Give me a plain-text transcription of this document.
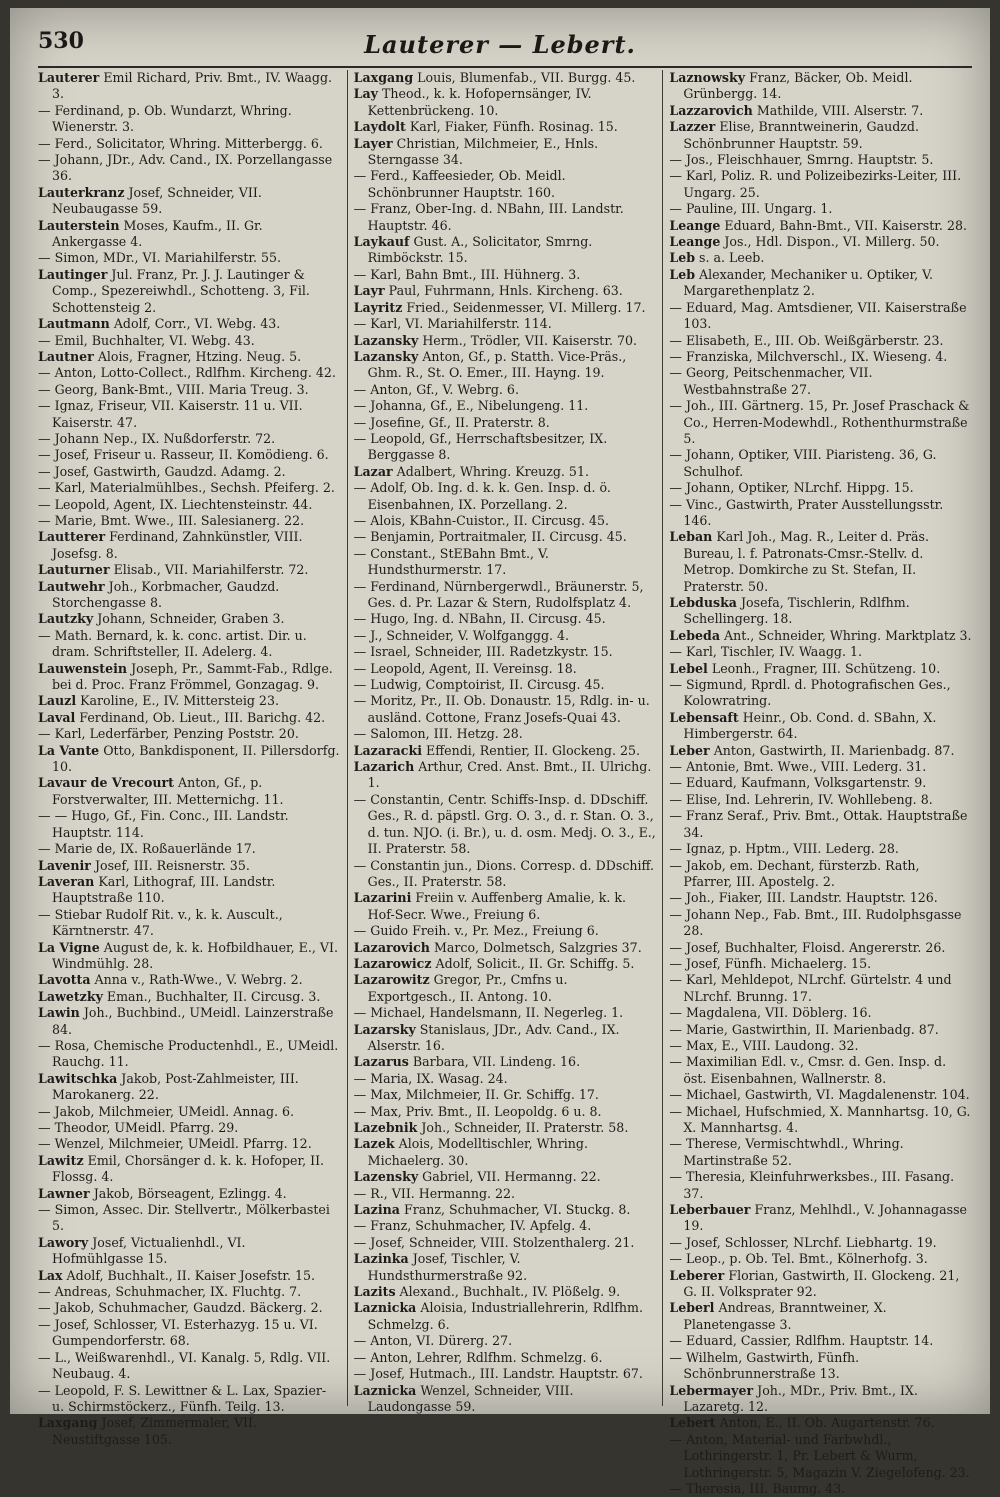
530	Lauterer — Lebert.

Lauterer Emil Richard, Priv. Bmt., IV. Waagg. 3.

— Ferdinand, p. Ob. Wundarzt, Whring. Wienerstr. 3.

— Ferd., Solicitator, Whring. Mitterbergg. 6.

— Johann, JDr., Adv. Cand., IX. Porzellangasse 36.

Lauterkranz Josef, Schneider, VII. Neubaugasse 59.

Lauterstein Moses, Kaufm., II. Gr. Ankergasse 4.

— Simon, MDr., VI. Mariahilferstr. 55.

Lautinger Jul. Franz, Pr. J. J. Lautinger & Comp., Spezereiwhdl., Schotteng. 3, Fil. Schottensteig 2.

Lautmann Adolf, Corr., VI. Webg. 43.

— Emil, Buchhalter, VI. Webg. 43.

Lautner Alois, Fragner, Htzing. Neug. 5.

— Anton, Lotto-Collect., Rdlfhm. Kircheng. 42.

— Georg, Bank-Bmt., VIII. Maria Treug. 3.

— Ignaz, Friseur, VII. Kaiserstr. 11 u. VII. Kaiserstr. 47.

— Johann Nep., IX. Nußdorferstr. 72.

— Josef, Friseur u. Rasseur, II. Komödieng. 6.

— Josef, Gastwirth, Gaudzd. Adamg. 2.

— Karl, Materialmühlbes., Sechsh. Pfeiferg. 2.

— Leopold, Agent, IX. Liechtensteinstr. 44.

— Marie, Bmt. Wwe., III. Salesianerg. 22.

Lautterer Ferdinand, Zahnkünstler, VIII. Josefsg. 8.

Lauturner Elisab., VII. Mariahilferstr. 72.

Lautwehr Joh., Korbmacher, Gaudzd. Storchengasse 8.

Lautzky Johann, Schneider, Graben 3.

— Math. Bernard, k. k. conc. artist. Dir. u. dram. Schriftsteller, II. Adelerg. 4.

Lauwenstein Joseph, Pr., Sammt-Fab., Rdlge. bei d. Proc. Franz Frömmel, Gonzagag. 9.

Lauzl Karoline, E., IV. Mittersteig 23.

Laval Ferdinand, Ob. Lieut., III. Barichg. 42.

— Karl, Lederfärber, Penzing Poststr. 20.

La Vante Otto, Bankdisponent, II. Pillersdorfg. 10.

Lavaur de Vrecourt Anton, Gf., p. Forstverwalter, III. Metternichg. 11.

— — Hugo, Gf., Fin. Conc., III. Landstr. Hauptstr. 114.

— Marie de, IX. Roßauerlände 17.

Lavenir Josef, III. Reisnerstr. 35.

Laveran Karl, Lithograf, III. Landstr. Hauptstraße 110.

— Stiebar Rudolf Rit. v., k. k. Auscult., Kärntnerstr. 47.

La Vigne August de, k. k. Hofbildhauer, E., VI. Windmühlg. 28.

Lavotta Anna v., Rath-Wwe., V. Webrg. 2.

Lawetzky Eman., Buchhalter, II. Circusg. 3.

Lawin Joh., Buchbind., UMeidl. Lainzerstraße 84.

— Rosa, Chemische Productenhdl., E., UMeidl. Rauchg. 11.

Lawitschka Jakob, Post-Zahlmeister, III. Marokanerg. 22.

— Jakob, Milchmeier, UMeidl. Annag. 6.

— Theodor, UMeidl. Pfarrg. 29.

— Wenzel, Milchmeier, UMeidl. Pfarrg. 12.

Lawitz Emil, Chorsänger d. k. k. Hofoper, II. Flossg. 4.

Lawner Jakob, Börseagent, Ezlingg. 4.

— Simon, Assec. Dir. Stellvertr., Mölkerbastei 5.

Lawory Josef, Victualienhdl., VI. Hofmühlgasse 15.

Lax Adolf, Buchhalt., II. Kaiser Josefstr. 15.

— Andreas, Schuhmacher, IX. Fluchtg. 7.

— Jakob, Schuhmacher, Gaudzd. Bäckerg. 2.

— Josef, Schlosser, VI. Esterhazyg. 15 u. VI. Gumpendorferstr. 68.

— L., Weißwarenhdl., VI. Kanalg. 5, Rdlg. VII. Neubaug. 4.

— Leopold, F. S. Lewittner & L. Lax, Spazier- u. Schirmstöckerz., Fünfh. Teilg. 13.

Laxgang Josef, Zimmermaler, VII. Neustiftgasse 105.

Laxgang Louis, Blumenfab., VII. Burgg. 45.

Lay Theod., k. k. Hofopernsänger, IV. Kettenbrückeng. 10.

Laydolt Karl, Fiaker, Fünfh. Rosinag. 15.

Layer Christian, Milchmeier, E., Hnls. Sterngasse 34.

— Ferd., Kaffeesieder, Ob. Meidl. Schönbrunner Hauptstr. 160.

— Franz, Ober-Ing. d. NBahn, III. Landstr. Hauptstr. 46.

Laykauf Gust. A., Solicitator, Smrng. Rimböckstr. 15.

— Karl, Bahn Bmt., III. Hühnerg. 3.

Layr Paul, Fuhrmann, Hnls. Kircheng. 63.

Layritz Fried., Seidenmesser, VI. Millerg. 17.

— Karl, VI. Mariahilferstr. 114.

Lazansky Herm., Trödler, VII. Kaiserstr. 70.

Lazansky Anton, Gf., p. Statth. Vice-Präs., Ghm. R., St. O. Emer., III. Hayng. 19.

— Anton, Gf., V. Webrg. 6.

— Johanna, Gf., E., Nibelungeng. 11.

— Josefine, Gf., II. Praterstr. 8.

— Leopold, Gf., Herrschaftsbesitzer, IX. Berggasse 8.

Lazar Adalbert, Whring. Kreuzg. 51.

— Adolf, Ob. Ing. d. k. k. Gen. Insp. d. ö. Eisenbahnen, IX. Porzellang. 2.

— Alois, KBahn-Cuistor., II. Circusg. 45.

— Benjamin, Portraitmaler, II. Circusg. 45.

— Constant., StEBahn Bmt., V. Hundsthurmerstr. 17.

— Ferdinand, Nürnbergerwdl., Bräunerstr. 5, Ges. d. Pr. Lazar & Stern, Rudolfsplatz 4.

— Hugo, Ing. d. NBahn, II. Circusg. 45.

— J., Schneider, V. Wolfganggg. 4.

— Israel, Schneider, III. Radetzkystr. 15.

— Leopold, Agent, II. Vereinsg. 18.

— Ludwig, Comptoirist, II. Circusg. 45.

— Moritz, Pr., II. Ob. Donaustr. 15, Rdlg. in- u. ausländ. Cottone, Franz Josefs-Quai 43.

— Salomon, III. Hetzg. 28.

Lazaracki Effendi, Rentier, II. Glockeng. 25.

Lazarich Arthur, Cred. Anst. Bmt., II. Ulrichg. 1.

— Constantin, Centr. Schiffs-Insp. d. DDschiff. Ges., R. d. päpstl. Grg. O. 3., d. r. Stan. O. 3., d. tun. NJO. (i. Br.), u. d. osm. Medj. O. 3., E., II. Praterstr. 58.

— Constantin jun., Dions. Corresp. d. DDschiff. Ges., II. Praterstr. 58.

Lazarini Freiin v. Auffenberg Amalie, k. k. Hof-Secr. Wwe., Freiung 6.

— Guido Freih. v., Pr. Mez., Freiung 6.

Lazarovich Marco, Dolmetsch, Salzgries 37.

Lazarowicz Adolf, Solicit., II. Gr. Schiffg. 5.

Lazarowitz Gregor, Pr., Cmfns u. Exportgesch., II. Antong. 10.

— Michael, Handelsmann, II. Negerleg. 1.

Lazarsky Stanislaus, JDr., Adv. Cand., IX. Alserstr. 16.

Lazarus Barbara, VII. Lindeng. 16.

— Maria, IX. Wasag. 24.

— Max, Milchmeier, II. Gr. Schiffg. 17.

— Max, Priv. Bmt., II. Leopoldg. 6 u. 8.

Lazebnik Joh., Schneider, II. Praterstr. 58.

Lazek Alois, Modelltischler, Whring. Michaelerg. 30.

Lazensky Gabriel, VII. Hermanng. 22.

— R., VII. Hermanng. 22.

Lazina Franz, Schuhmacher, VI. Stuckg. 8.

— Franz, Schuhmacher, IV. Apfelg. 4.

— Josef, Schneider, VIII. Stolzenthalerg. 21.

Lazinka Josef, Tischler, V. Hundsthurmerstraße 92.

Lazits Alexand., Buchhalt., IV. Plößelg. 9.

Laznicka Aloisia, Industriallehrerin, Rdlfhm. Schmelzg. 6.

— Anton, VI. Dürerg. 27.

— Anton, Lehrer, Rdlfhm. Schmelzg. 6.

— Josef, Hutmach., III. Landstr. Hauptstr. 67.

Laznicka Wenzel, Schneider, VIII. Laudongasse 59.

Laznowsky Franz, Bäcker, Ob. Meidl. Grünbergg. 14.

Lazzarovich Mathilde, VIII. Alserstr. 7.

Lazzer Elise, Branntweinerin, Gaudzd. Schönbrunner Hauptstr. 59.

— Jos., Fleischhauer, Smrng. Hauptstr. 5.

— Karl, Poliz. R. und Polizeibezirks-Leiter, III. Ungarg. 25.

— Pauline, III. Ungarg. 1.

Leange Eduard, Bahn-Bmt., VII. Kaiserstr. 28.

Leange Jos., Hdl. Dispon., VI. Millerg. 50.

Leb s. a. Leeb.

Leb Alexander, Mechaniker u. Optiker, V. Margarethenplatz 2.

— Eduard, Mag. Amtsdiener, VII. Kaiserstraße 103.

— Elisabeth, E., III. Ob. Weißgärberstr. 23.

— Franziska, Milchverschl., IX. Wieseng. 4.

— Georg, Peitschenmacher, VII. Westbahnstraße 27.

— Joh., III. Gärtnerg. 15, Pr. Josef Praschack & Co., Herren-Modewhdl., Rothenthurmstraße 5.

— Johann, Optiker, VIII. Piaristeng. 36, G. Schulhof.

— Johann, Optiker, NLrchf. Hippg. 15.

— Vinc., Gastwirth, Prater Ausstellungsstr. 146.

Leban Karl Joh., Mag. R., Leiter d. Präs. Bureau, l. f. Patronats-Cmsr.-Stellv. d. Metrop. Domkirche zu St. Stefan, II. Praterstr. 50.

Lebduska Josefa, Tischlerin, Rdlfhm. Schellingerg. 18.

Lebeda Ant., Schneider, Whring. Marktplatz 3.

— Karl, Tischler, IV. Waagg. 1.

Lebel Leonh., Fragner, III. Schützeng. 10.

— Sigmund, Rprdl. d. Photografischen Ges., Kolowratring.

Lebensaft Heinr., Ob. Cond. d. SBahn, X. Himbergerstr. 64.

Leber Anton, Gastwirth, II. Marienbadg. 87.

— Antonie, Bmt. Wwe., VIII. Lederg. 31.

— Eduard, Kaufmann, Volksgartenstr. 9.

— Elise, Ind. Lehrerin, IV. Wohllebeng. 8.

— Franz Seraf., Priv. Bmt., Ottak. Hauptstraße 34.

— Ignaz, p. Hptm., VIII. Lederg. 28.

— Jakob, em. Dechant, fürsterzb. Rath, Pfarrer, III. Apostelg. 2.

— Joh., Fiaker, III. Landstr. Hauptstr. 126.

— Johann Nep., Fab. Bmt., III. Rudolphsgasse 28.

— Josef, Buchhalter, Floisd. Angererstr. 26.

— Josef, Fünfh. Michaelerg. 15.

— Karl, Mehldepot, NLrchf. Gürtelstr. 4 und NLrchf. Brunng. 17.

— Magdalena, VII. Döblerg. 16.

— Marie, Gastwirthin, II. Marienbadg. 87.

— Max, E., VIII. Laudong. 32.

— Maximilian Edl. v., Cmsr. d. Gen. Insp. d. öst. Eisenbahnen, Wallnerstr. 8.

— Michael, Gastwirth, VI. Magdalenenstr. 104.

— Michael, Hufschmied, X. Mannhartsg. 10, G. X. Mannhartsg. 4.

— Therese, Vermischtwhdl., Whring. Martinstraße 52.

— Theresia, Kleinfuhrwerksbes., III. Fasang. 37.

Leberbauer Franz, Mehlhdl., V. Johannagasse 19.

— Josef, Schlosser, NLrchf. Liebhartg. 19.

— Leop., p. Ob. Tel. Bmt., Kölnerhofg. 3.

Leberer Florian, Gastwirth, II. Glockeng. 21, G. II. Volksprater 92.

Leberl Andreas, Branntweiner, X. Planetengasse 3.

— Eduard, Cassier, Rdlfhm. Hauptstr. 14.

— Wilhelm, Gastwirth, Fünfh. Schönbrunnerstraße 13.

Lebermayer Joh., MDr., Priv. Bmt., IX. Lazaretg. 12.

Lebert Anton, E., II. Ob. Augartenstr. 76.

— Anton, Material- und Farbwhdl., Lothringerstr. 1, Pr. Lebert & Wurm, Lothringerstr. 5, Magazin V. Ziegelofeng. 23.

— Theresia, III. Baumg. 43.
